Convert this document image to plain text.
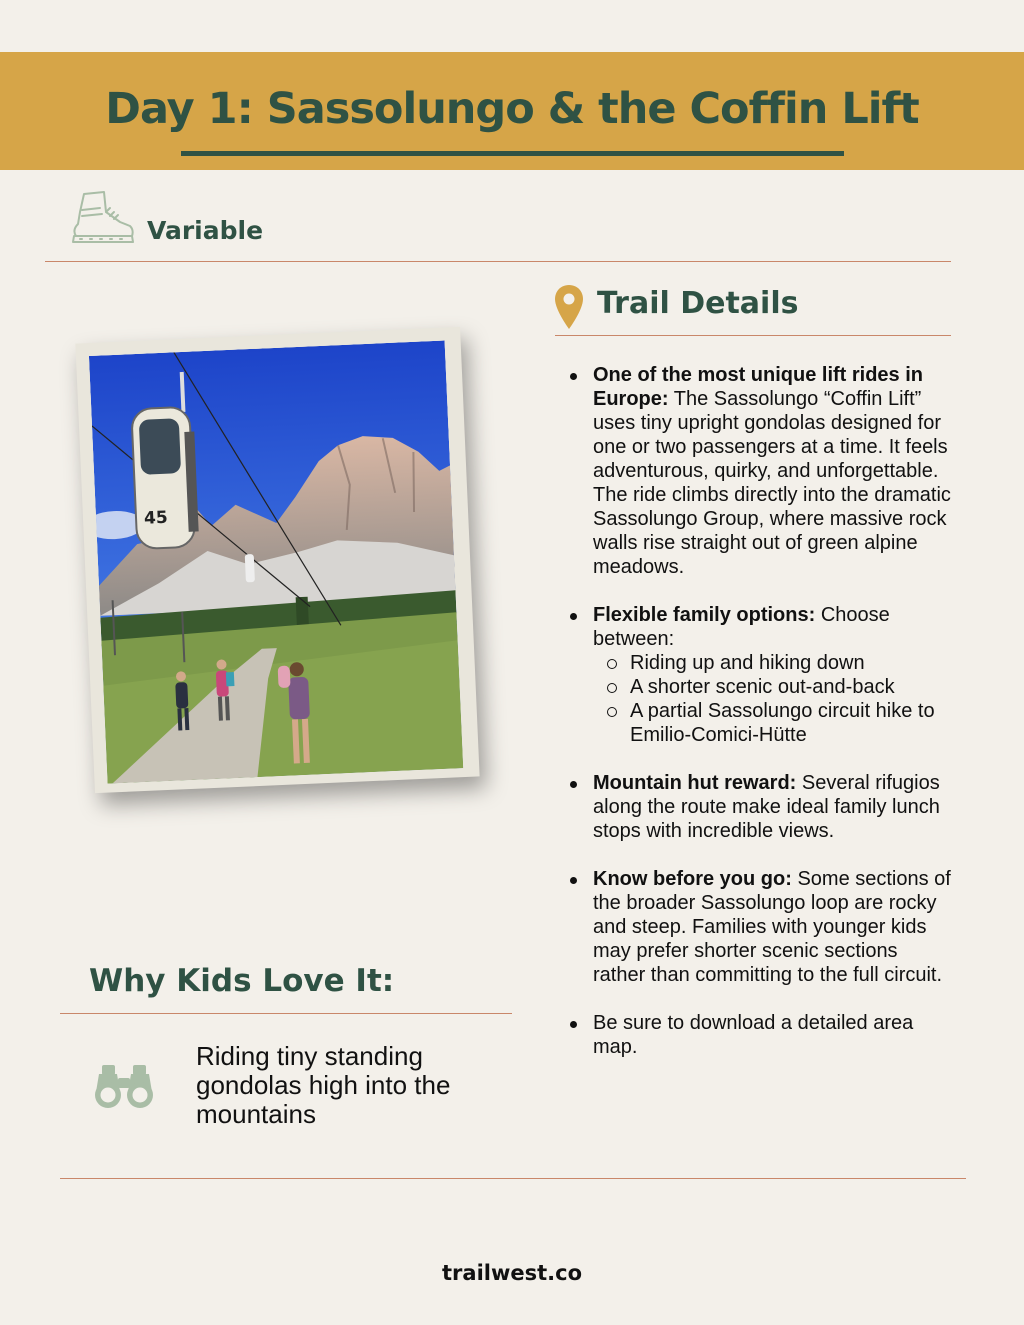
Day 1: Sassolungo & the Coffin Lift
Variable
Trail Details
45
One of the most unique lift rides in Europe: The Sassolungo “Coffin Lift” uses tiny upright gondolas designed for one or two passengers at a time. It feels adventurous, quirky, and unforgettable. The ride climbs directly into the dramatic Sassolungo Group, where massive rock walls rise straight out of green alpine meadows.
Flexible family options: Choose between:
Riding up and hiking down
A shorter scenic out-and-back
A partial Sassolungo circuit hike to Emilio-Comici-Hütte
Mountain hut reward: Several rifugios along the route make ideal family lunch stops with incredible views.
Know before you go: Some sections of the broader Sassolungo loop are rocky and steep. Families with younger kids may prefer shorter scenic sections rather than committing to the full circuit.
Be sure to download a detailed area map.
Why Kids Love It:
Riding tiny standing gondolas high into the mountains
trailwest.co
